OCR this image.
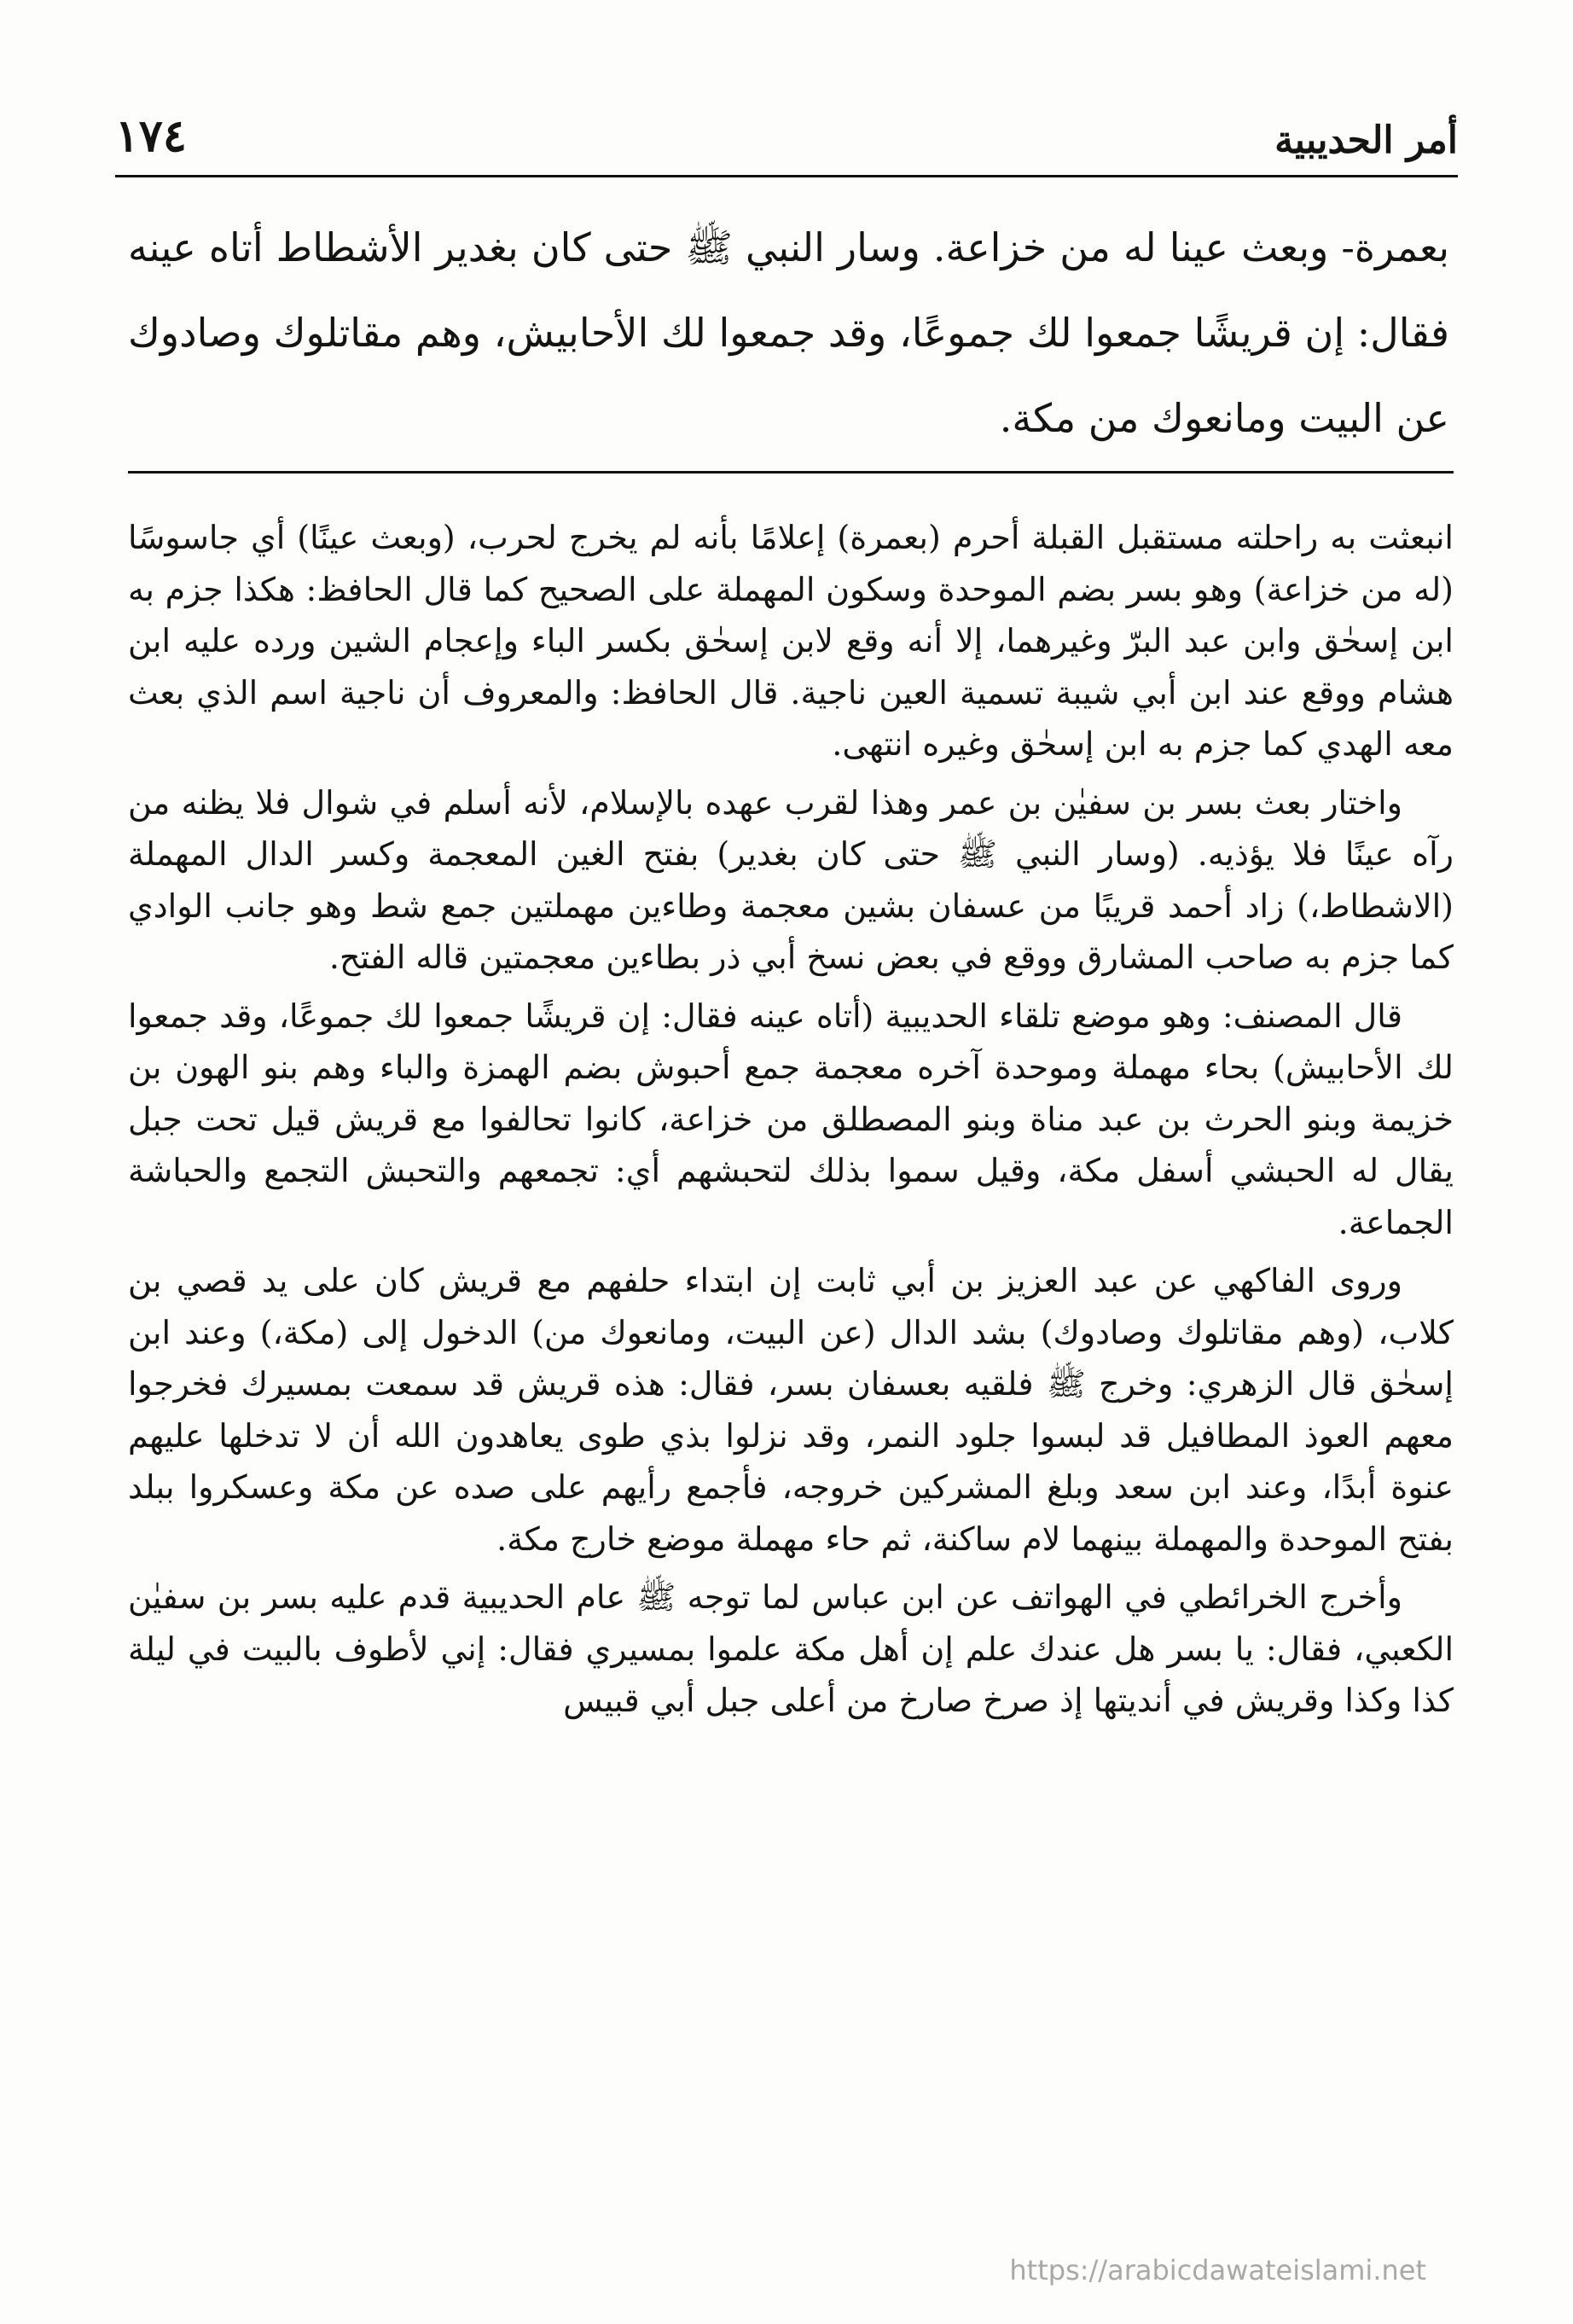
١٧٤	أمر الحديبية

بعمرة- وبعث عينا له من خزاعة. وسار النبي ﷺ حتى كان بغدير الأشطاط أتاه عينه فقال: إن قريشًا جمعوا لك جموعًا، وقد جمعوا لك الأحابيش، وهم مقاتلوك وصادوك عن البيت ومانعوك من مكة.

انبعثت به راحلته مستقبل القبلة أحرم (بعمرة) إعلامًا بأنه لم يخرج لحرب، (وبعث عينًا) أي جاسوسًا (له من خزاعة) وهو بسر بضم الموحدة وسكون المهملة على الصحيح كما قال الحافظ: هكذا جزم به ابن إسحٰق وابن عبد البرّ وغيرهما، إلا أنه وقع لابن إسحٰق بكسر الباء وإعجام الشين ورده عليه ابن هشام ووقع عند ابن أبي شيبة تسمية العين ناجية. قال الحافظ: والمعروف أن ناجية اسم الذي بعث معه الهدي كما جزم به ابن إسحٰق وغيره انتهى.

واختار بعث بسر بن سفيٰن بن عمر وهذا لقرب عهده بالإسلام، لأنه أسلم في شوال فلا يظنه من رآه عينًا فلا يؤذيه. (وسار النبي ﷺ حتى كان بغدير) بفتح الغين المعجمة وكسر الدال المهملة (الاشطاط،) زاد أحمد قريبًا من عسفان بشين معجمة وطاءين مهملتين جمع شط وهو جانب الوادي كما جزم به صاحب المشارق ووقع في بعض نسخ أبي ذر بطاءين معجمتين قاله الفتح.

قال المصنف: وهو موضع تلقاء الحديبية (أتاه عينه فقال: إن قريشًا جمعوا لك جموعًا، وقد جمعوا لك الأحابيش) بحاء مهملة وموحدة آخره معجمة جمع أحبوش بضم الهمزة والباء وهم بنو الهون بن خزيمة وبنو الحرث بن عبد مناة وبنو المصطلق من خزاعة، كانوا تحالفوا مع قريش قيل تحت جبل يقال له الحبشي أسفل مكة، وقيل سموا بذلك لتحبشهم أي: تجمعهم والتحبش التجمع والحباشة الجماعة.

وروى الفاكهي عن عبد العزيز بن أبي ثابت إن ابتداء حلفهم مع قريش كان على يد قصي بن كلاب، (وهم مقاتلوك وصادوك) بشد الدال (عن البيت، ومانعوك من) الدخول إلى (مكة،) وعند ابن إسحٰق قال الزهري: وخرج ﷺ فلقيه بعسفان بسر، فقال: هذه قريش قد سمعت بمسيرك فخرجوا معهم العوذ المطافيل قد لبسوا جلود النمر، وقد نزلوا بذي طوى يعاهدون الله أن لا تدخلها عليهم عنوة أبدًا، وعند ابن سعد وبلغ المشركين خروجه، فأجمع رأيهم على صده عن مكة وعسكروا ببلد بفتح الموحدة والمهملة بينهما لام ساكنة، ثم حاء مهملة موضع خارج مكة.

وأخرج الخرائطي في الهواتف عن ابن عباس لما توجه ﷺ عام الحديبية قدم عليه بسر بن سفيٰن الكعبي، فقال: يا بسر هل عندك علم إن أهل مكة علموا بمسيري فقال: إني لأطوف بالبيت في ليلة كذا وكذا وقريش في أنديتها إذ صرخ صارخ من أعلى جبل أبي قبيس

https://arabicdawateislami.net
